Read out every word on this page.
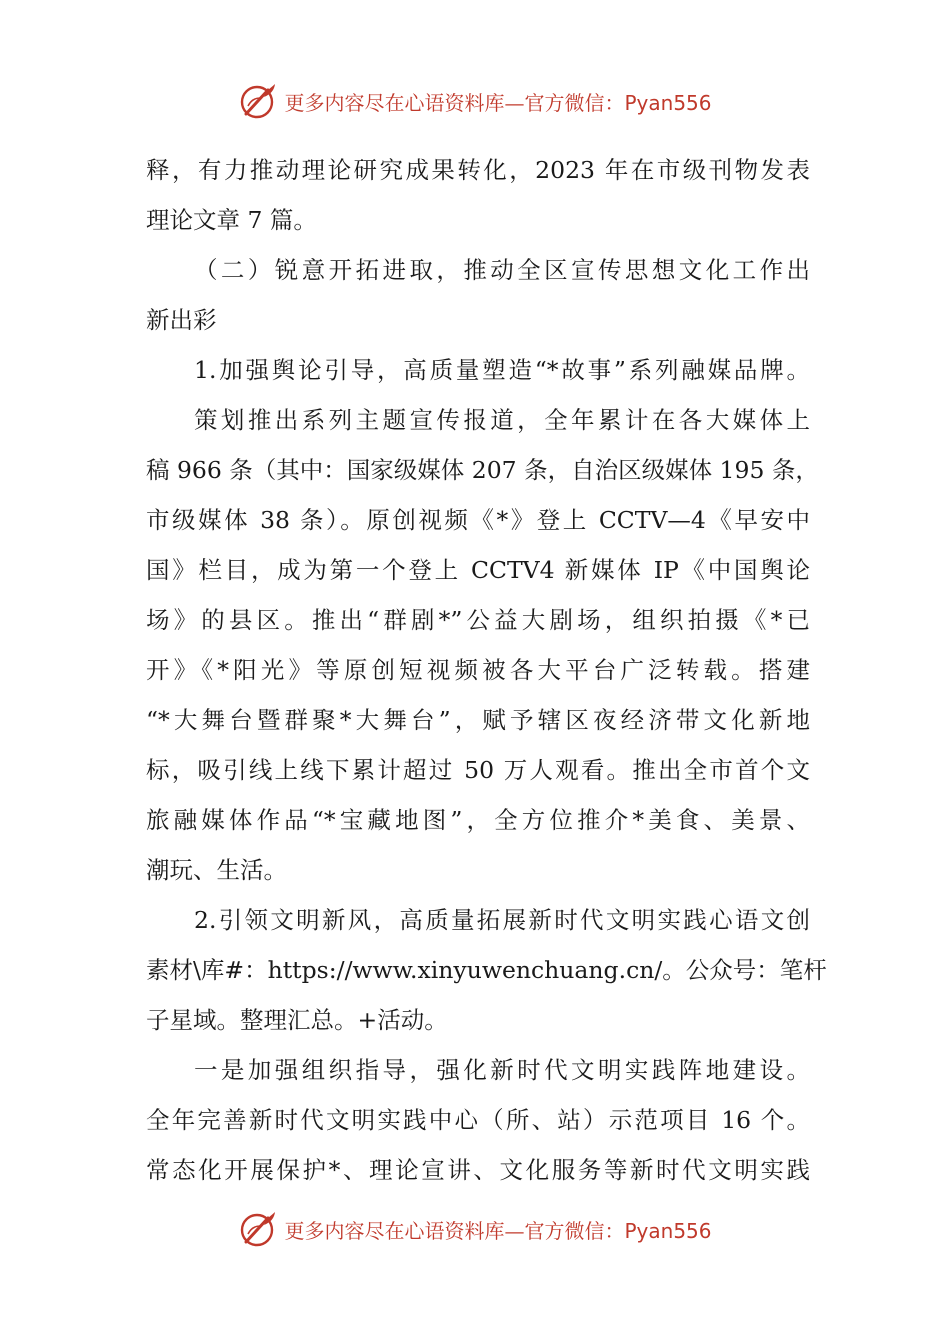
更多内容尽在心语资料库—官方微信：Pyan556
释，有力推动理论研究成果转化，2023 年在市级刊物发表
理论文章 7 篇。
（二）锐意开拓进取，推动全区宣传思想文化工作出
新出彩
1.加强舆论引导，高质量塑造“*故事”系列融媒品牌。
策划推出系列主题宣传报道，全年累计在各大媒体上
稿 966 条（其中：国家级媒体 207 条，自治区级媒体 195 条，
市级媒体 38 条）。原创视频《*》登上 CCTV—4《早安中
国》栏目，成为第一个登上 CCTV4 新媒体 IP《中国舆论
场》的县区。推出“群剧*”公益大剧场，组织拍摄《*已
开》《*阳光》等原创短视频被各大平台广泛转载。搭建
“*大舞台暨群聚*大舞台”，赋予辖区夜经济带文化新地
标，吸引线上线下累计超过 50 万人观看。推出全市首个文
旅融媒体作品“*宝藏地图”，全方位推介*美食、美景、
潮玩、生活。
2.引领文明新风，高质量拓展新时代文明实践心语文创
素材\库#：https://www.xinyuwenchuang.cn/。公众号：笔杆
子星域。整理汇总。+活动。
一是加强组织指导，强化新时代文明实践阵地建设。
全年完善新时代文明实践中心（所、站）示范项目 16 个。
常态化开展保护*、理论宣讲、文化服务等新时代文明实践
更多内容尽在心语资料库—官方微信：Pyan556
